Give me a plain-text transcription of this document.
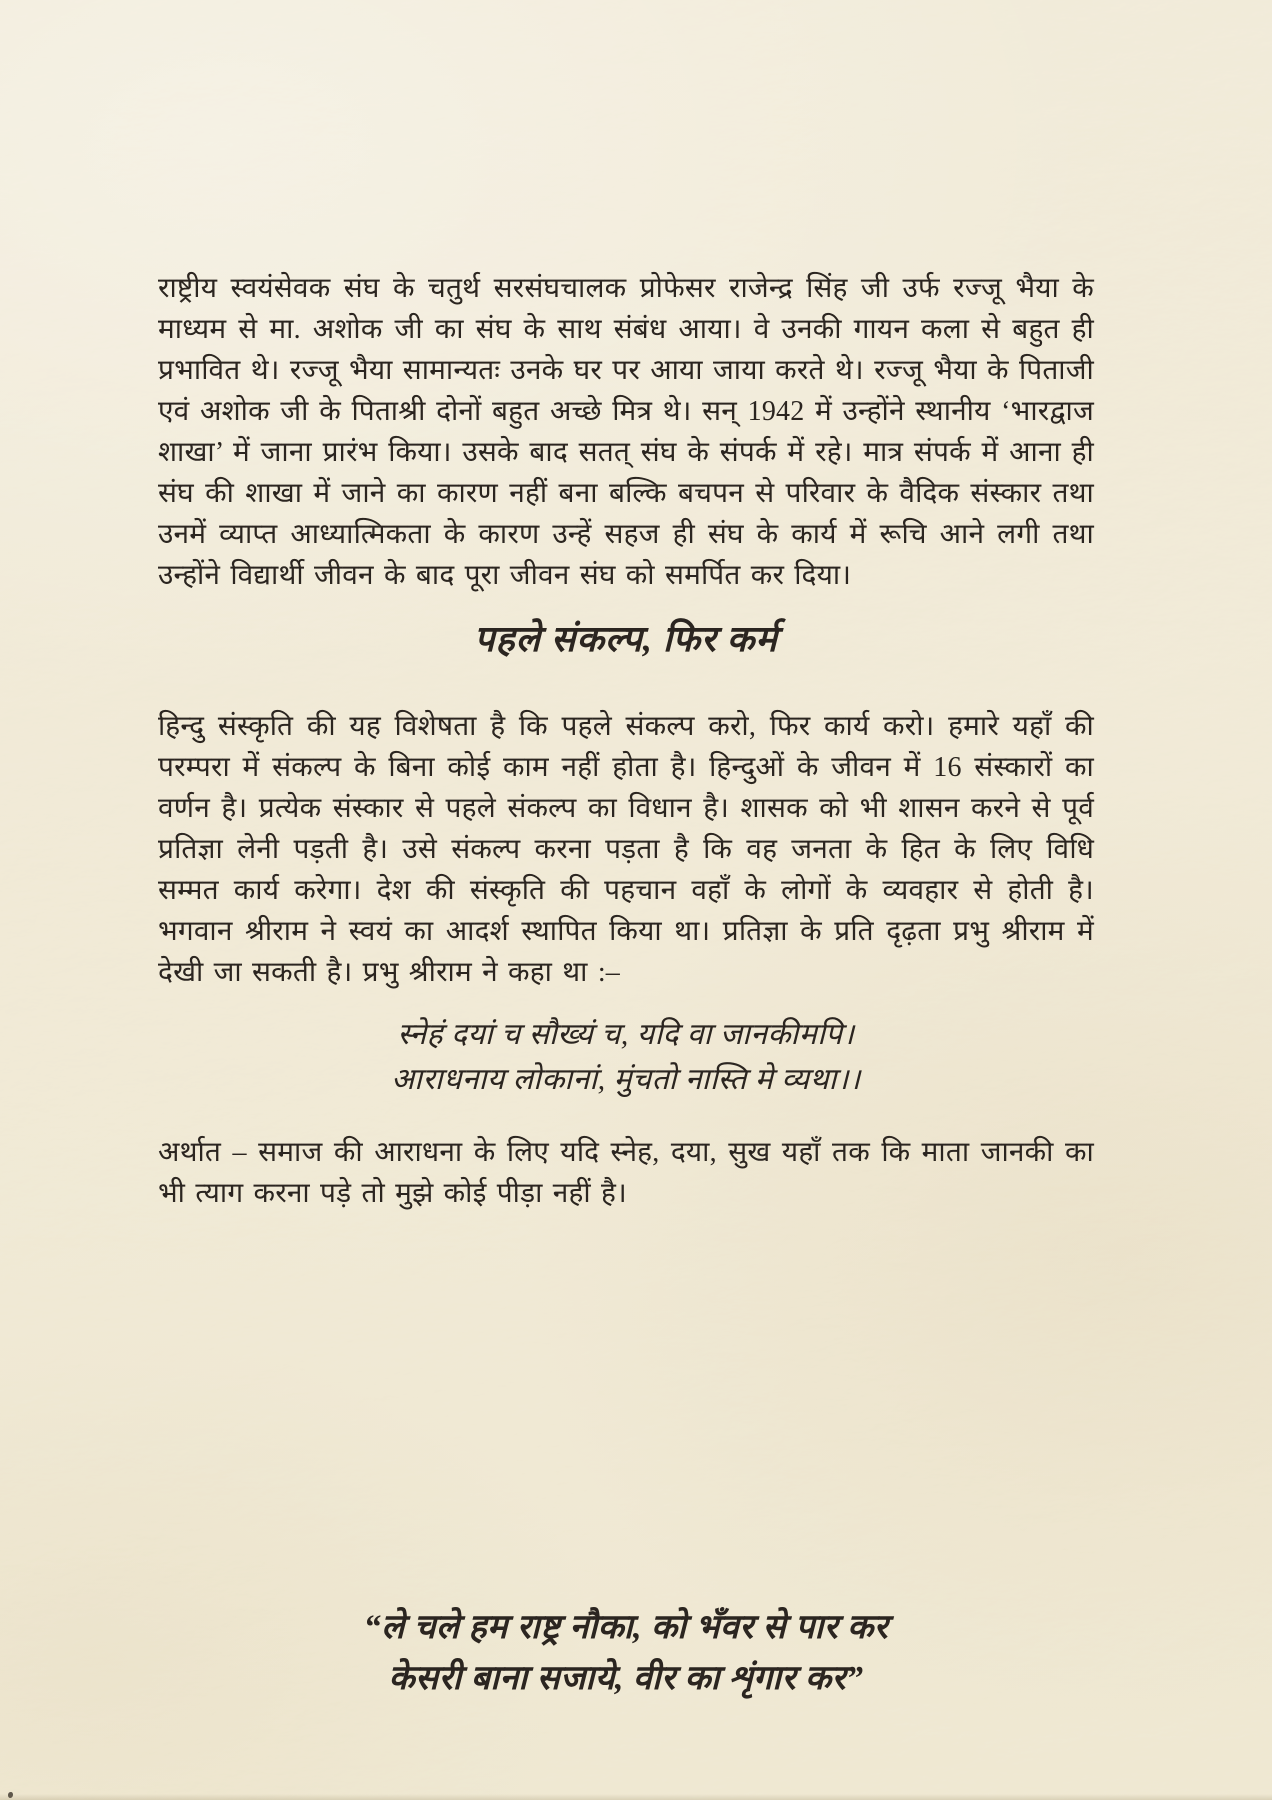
राष्ट्रीय स्वयंसेवक संघ के चतुर्थ सरसंघचालक प्रोफेसर राजेन्द्र सिंह जी उर्फ रज्जू भैया के माध्यम से मा. अशोक जी का संघ के साथ संबंध आया। वे उनकी गायन कला से बहुत ही प्रभावित थे। रज्जू भैया सामान्यतः उनके घर पर आया जाया करते थे। रज्जू भैया के पिताजी एवं अशोक जी के पिताश्री दोनों बहुत अच्छे मित्र थे। सन् 1942 में उन्होंने स्थानीय ‘भारद्वाज शाखा’ में जाना प्रारंभ किया। उसके बाद सतत् संघ के संपर्क में रहे। मात्र संपर्क में आना ही संघ की शाखा में जाने का कारण नहीं बना बल्कि बचपन से परिवार के वैदिक संस्कार तथा उनमें व्याप्त आध्यात्मिकता के कारण उन्हें सहज ही संघ के कार्य में रूचि आने लगी तथा उन्होंने विद्यार्थी जीवन के बाद पूरा जीवन संघ को समर्पित कर दिया।

पहले संकल्प, फिर कर्म

हिन्दु संस्कृति की यह विशेषता है कि पहले संकल्प करो, फिर कार्य करो। हमारे यहाँ की परम्परा में संकल्प के बिना कोई काम नहीं होता है। हिन्दुओं के जीवन में 16 संस्कारों का वर्णन है। प्रत्येक संस्कार से पहले संकल्प का विधान है। शासक को भी शासन करने से पूर्व प्रतिज्ञा लेनी पड़ती है। उसे संकल्प करना पड़ता है कि वह जनता के हित के लिए विधि सम्मत कार्य करेगा। देश की संस्कृति की पहचान वहाँ के लोगों के व्यवहार से होती है। भगवान श्रीराम ने स्वयं का आदर्श स्थापित किया था। प्रतिज्ञा के प्रति दृढ़ता प्रभु श्रीराम में देखी जा सकती है। प्रभु श्रीराम ने कहा था :–

स्नेहं दयां च सौख्यं च, यदि वा जानकीमपि।
आराधनाय लोकानां, मुंचतो नास्ति मे व्यथा।।

अर्थात – समाज की आराधना के लिए यदि स्नेह, दया, सुख यहाँ तक कि माता जानकी का भी त्याग करना पड़े तो मुझे कोई पीड़ा नहीं है।

“ले चले हम राष्ट्र नौका, को भँवर से पार कर
केसरी बाना सजाये, वीर का शृंगार कर”
